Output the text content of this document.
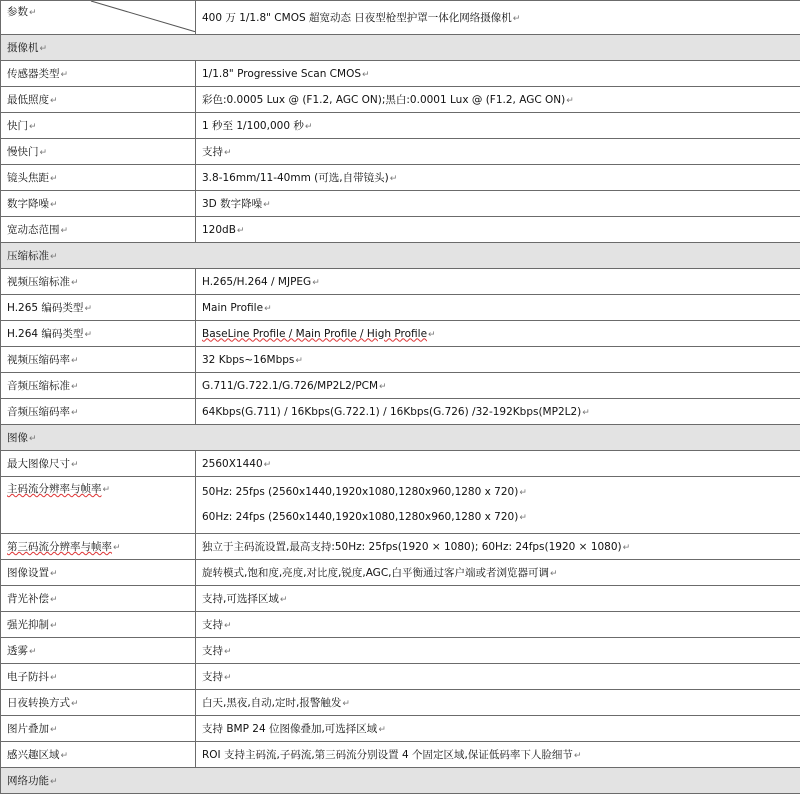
参数↵	400 万 1/1.8" CMOS 超宽动态 日夜型枪型护罩一体化网络摄像机↵
摄像机↵	
传感器类型↵	1/1.8" Progressive Scan CMOS↵
最低照度↵	彩色:0.0005 Lux @ (F1.2, AGC ON);黑白:0.0001 Lux @ (F1.2, AGC ON)↵
快门↵	1 秒至 1/100,000 秒↵
慢快门↵	支持↵
镜头焦距↵	3.8-16mm/11-40mm (可选,自带镜头)↵
数字降噪↵	3D 数字降噪↵
宽动态范围↵	120dB↵
压缩标准↵	
视频压缩标准↵	H.265/H.264 / MJPEG↵
H.265 编码类型↵	Main Profile↵
H.264 编码类型↵	BaseLine Profile / Main Profile / High Profile↵
视频压缩码率↵	32 Kbps~16Mbps↵
音频压缩标准↵	G.711/G.722.1/G.726/MP2L2/PCM↵
音频压缩码率↵	64Kbps(G.711) / 16Kbps(G.722.1) / 16Kbps(G.726) /32-192Kbps(MP2L2)↵
图像↵	
最大图像尺寸↵	2560X1440↵
主码流分辨率与帧率↵	50Hz: 25fps (2560x1440,1920x1080,1280x960,1280 x 720)↵
60Hz: 24fps (2560x1440,1920x1080,1280x960,1280 x 720)↵

第三码流分辨率与帧率↵	独立于主码流设置,最高支持:50Hz: 25fps(1920 × 1080); 60Hz: 24fps(1920 × 1080)↵
图像设置↵	旋转模式,饱和度,亮度,对比度,锐度,AGC,白平衡通过客户端或者浏览器可调↵
背光补偿↵	支持,可选择区域↵
强光抑制↵	支持↵
透雾↵	支持↵
电子防抖↵	支持↵
日夜转换方式↵	白天,黑夜,自动,定时,报警触发↵
图片叠加↵	支持 BMP 24 位图像叠加,可选择区域↵
感兴趣区域↵	ROI 支持主码流,子码流,第三码流分别设置 4 个固定区域,保证低码率下人脸细节↵
网络功能↵	
